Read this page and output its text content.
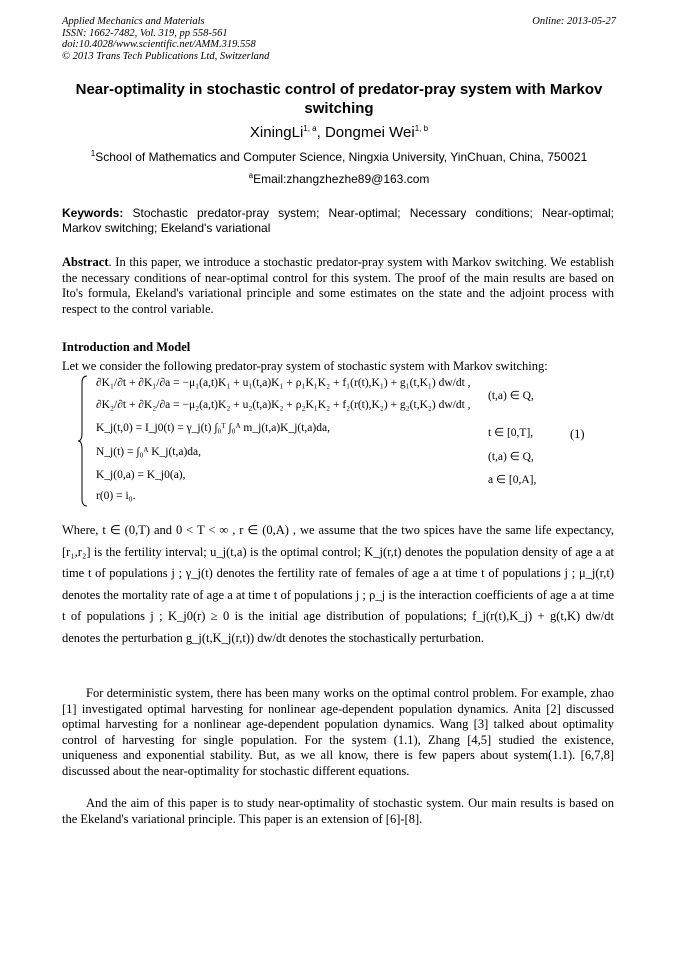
Applied Mechanics and Materials
ISSN: 1662-7482, Vol. 319, pp 558-561
doi:10.4028/www.scientific.net/AMM.319.558
© 2013 Trans Tech Publications Ltd, Switzerland
Online: 2013-05-27
Near-optimality in stochastic control of predator-pray system with Markov switching
XiningLi$^{1, a}$, Dongmei Wei$^{1, b}$
$^1$School of Mathematics and Computer Science, Ningxia University, YinChuan, China, 750021
$^a$Email:zhangzhezhe89@163.com
Keywords: Stochastic predator-pray system; Near-optimal; Necessary conditions; Near-optimal; Markov switching; Ekeland's variational
Abstract. In this paper, we introduce a stochastic predator-pray system with Markov switching. We establish the necessary conditions of near-optimal control for this system. The proof of the main results are based on Ito's formula, Ekeland's variational principle and some estimates on the state and the adjoint process with respect to the control variable.
Introduction and Model
Let we consider the following predator-pray system of stochastic system with Markov switching:
∂K₁/∂t + ∂K₁/∂a = −μ₁(a,t)K₁ + u₁(t,a)K₁ + ρ₁K₁K₂ + f₁(r(t),K₁) + g₁(t,K₁) dw/dt ,
∂K₂/∂t + ∂K₂/∂a = −μ₂(a,t)K₂ + u₂(t,a)K₂ + ρ₂K₁K₂ + f₂(r(t),K₂) + g₂(t,K₂) dw/dt ,
K_j(t,0) = I_j0(t) = γ_j(t) ∫₀ᵀ ∫₀ᴬ m_j(t,a)K_j(t,a)da,
N_j(t) = ∫₀ᴬ K_j(t,a)da,
K_j(0,a) = K_j0(a),
r(0) = i₀.
(t,a) ∈ Q,
t ∈ [0,T],
(t,a) ∈ Q,
a ∈ [0,A],
(1)
Where, t ∈ (0,T) and 0 < T < ∞ , r ∈ (0,A) , we assume that the two spices have the same life expectancy, [r₁,r₂] is the fertility interval; u_j(t,a) is the optimal control; K_j(r,t) denotes the population density of age a at time t of populations j ; γ_j(t) denotes the fertility rate of females of age a at time t of populations j ; μ_j(r,t) denotes the mortality rate of age a at time t of populations j ; ρ_j is the interaction coefficients of age a at time t of populations j ; K_j0(r) ≥ 0 is the initial age distribution of populations; f_j(r(t),K_j) + g(t,K) dw/dt denotes the perturbation g_j(t,K_j(r,t)) dw/dt denotes the stochastically perturbation.
For deterministic system, there has been many works on the optimal control problem. For example, zhao [1] investigated optimal harvesting for nonlinear age-dependent population dynamics. Anita [2] discussed optimal harvesting for a nonlinear age-dependent population dynamics. Wang [3] talked about optimality control of harvesting for single population. For the system (1.1), Zhang [4,5] studied the existence, uniqueness and exponential stability. But, as we all know, there is few papers about system(1.1). [6,7,8] discussed about the near-optimality for stochastic different equations.
And the aim of this paper is to study near-optimality of stochastic system. Our main results is based on the Ekeland's variational principle. This paper is an extension of [6]-[8].
